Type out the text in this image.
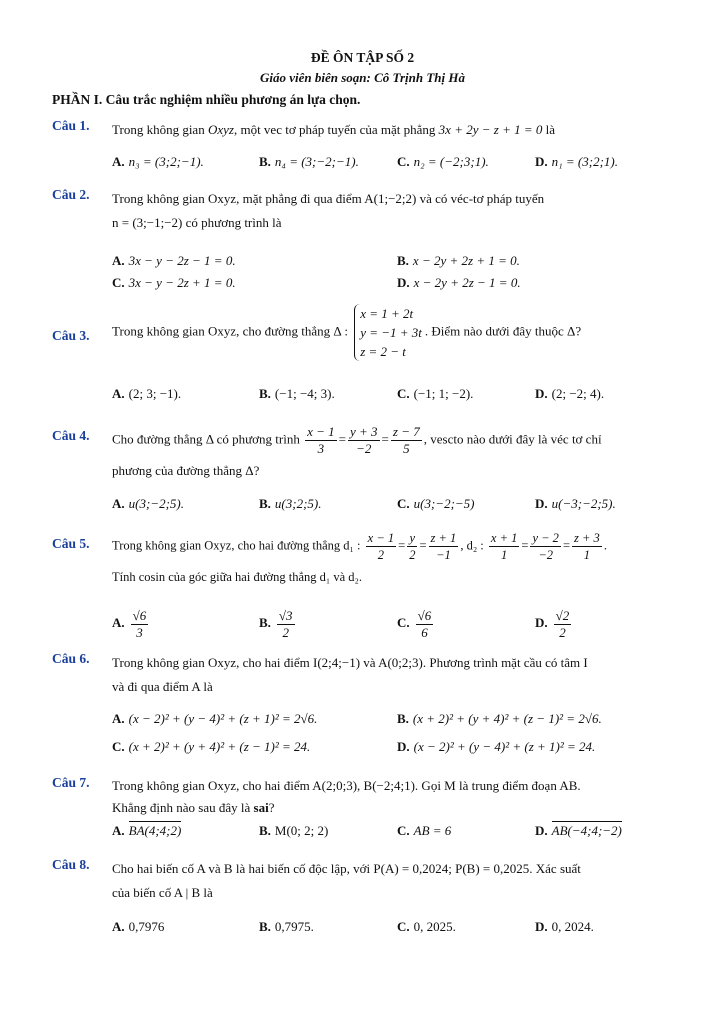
ĐỀ ÔN TẬP SỐ 2
Giáo viên biên soạn: Cô Trịnh Thị Hà
PHẦN I. Câu trắc nghiệm nhiều phương án lựa chọn.
Câu 1. Trong không gian Oxyz, một vec tơ pháp tuyến của mặt phẳng 3x + 2y − z + 1 = 0 là
A. n₃ = (3;2;−1).	B. n₄ = (3;−2;−1).	C. n₂ = (−2;3;1).	D. n₁ = (3;2;1).
Câu 2. Trong không gian Oxyz, mặt phẳng đi qua điểm A(1;−2;2) và có véc-tơ pháp tuyến
n = (3;−1;−2) có phương trình là
A. 3x − y − 2z − 1 = 0.	B. x − 2y + 2z + 1 = 0.
C. 3x − y − 2z + 1 = 0.	D. x − 2y + 2z − 1 = 0.
Câu 3. Trong không gian Oxyz, cho đường thẳng Δ :
x = 1 + 2t
y = −1 + 3t
z = 2 − t
. Điểm nào dưới đây thuộc Δ?
A. (2; 3; −1).	B. (−1; −4; 3).	C. (−1; 1; −2).	D. (2; −2; 4).
Câu 4. Cho đường thẳng Δ có phương trình $\frac{x - 1}{3} = \frac{y + 3}{-2} = \frac{z - 7}{5}$ , vescto nào dưới đây là véc tơ chỉ
phương của đường thẳng Δ?
A. u(3;−2;5).	B. u(3;2;5).	C. u(3;−2;−5)	D. u(−3;−2;5).
Câu 5. Trong không gian Oxyz, cho hai đường thẳng d₁ : $\frac{x - 1}{2} = \frac{y}{2} = \frac{z + 1}{-1}$ , d₂ : $\frac{x + 1}{1} = \frac{y - 2}{-2} = \frac{z + 3}{1}$ .
Tính cosin của góc giữa hai đường thẳng d₁ và d₂.
A. $\frac{√6}{3}$	B. $\frac{√3}{2}$	C. $\frac{√6}{6}$	D. $\frac{√2}{2}$
Câu 6. Trong không gian Oxyz, cho hai điểm I(2;4;−1) và A(0;2;3). Phương trình mặt cầu có tâm I
và đi qua điểm A là
A. (x − 2)² + (y − 4)² + (z + 1)² = 2√6.	B. (x + 2)² + (y + 4)² + (z − 1)² = 2√6.
C. (x + 2)² + (y + 4)² + (z − 1)² = 24.	D. (x − 2)² + (y − 4)² + (z + 1)² = 24.
Câu 7. Trong không gian Oxyz, cho hai điểm A(2;0;3), B(−2;4;1). Gọi M là trung điểm đoạn AB.
Khẳng định nào sau đây là sai?
A. BA(4;4;2)	B. M(0; 2; 2)	C. AB = 6	D. AB(−4;4;−2)
Câu 8. Cho hai biến cố A và B là hai biến cố độc lập, với P(A) = 0,2024; P(B) = 0,2025. Xác suất
của biến cố A | B là
A. 0,7976	B. 0,7975.	C. 0, 2025.	D. 0, 2024.
